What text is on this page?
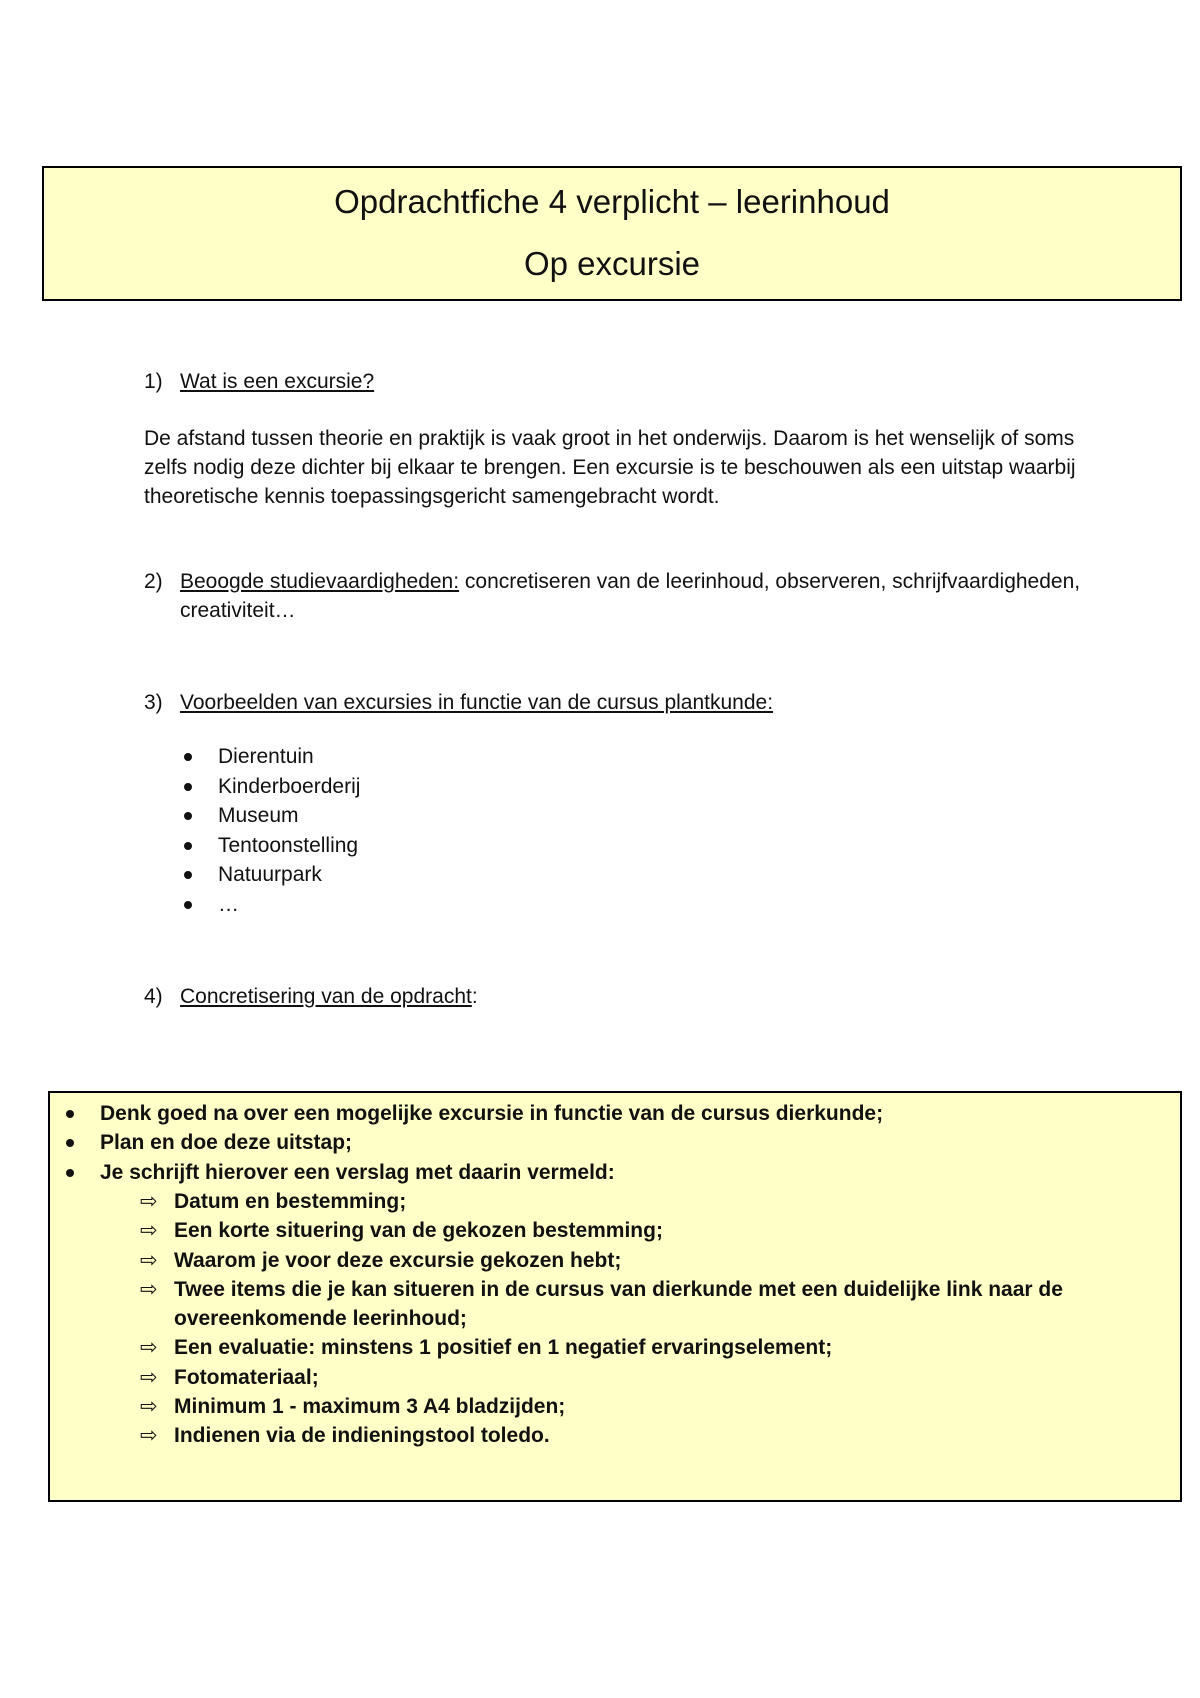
Opdrachtfiche 4 verplicht – leerinhoud
Op excursie
1) Wat is een excursie?
De afstand tussen theorie en praktijk is vaak groot in het onderwijs. Daarom is het wenselijk of soms zelfs nodig deze dichter bij elkaar te brengen. Een excursie is te beschouwen als een uitstap waarbij theoretische kennis toepassingsgericht samengebracht wordt.
2) Beoogde studievaardigheden: concretiseren van de leerinhoud, observeren, schrijfvaardigheden, creativiteit…
3) Voorbeelden van excursies in functie van de cursus plantkunde:
Dierentuin
Kinderboerderij
Museum
Tentoonstelling
Natuurpark
…
4) Concretisering van de opdracht:
Denk goed na over een mogelijke excursie in functie van de cursus dierkunde;
Plan en doe deze uitstap;
Je schrijft hierover een verslag met daarin vermeld:
⇨ Datum en bestemming;
⇨ Een korte situering van de gekozen bestemming;
⇨ Waarom je voor deze excursie gekozen hebt;
⇨ Twee items die je kan situeren in de cursus van dierkunde met een duidelijke link naar de overeenkomende leerinhoud;
⇨ Een evaluatie: minstens 1 positief en 1 negatief ervaringselement;
⇨ Fotomateriaal;
⇨ Minimum 1 - maximum 3 A4 bladzijden;
⇨ Indienen via de indieningstool toledo.
